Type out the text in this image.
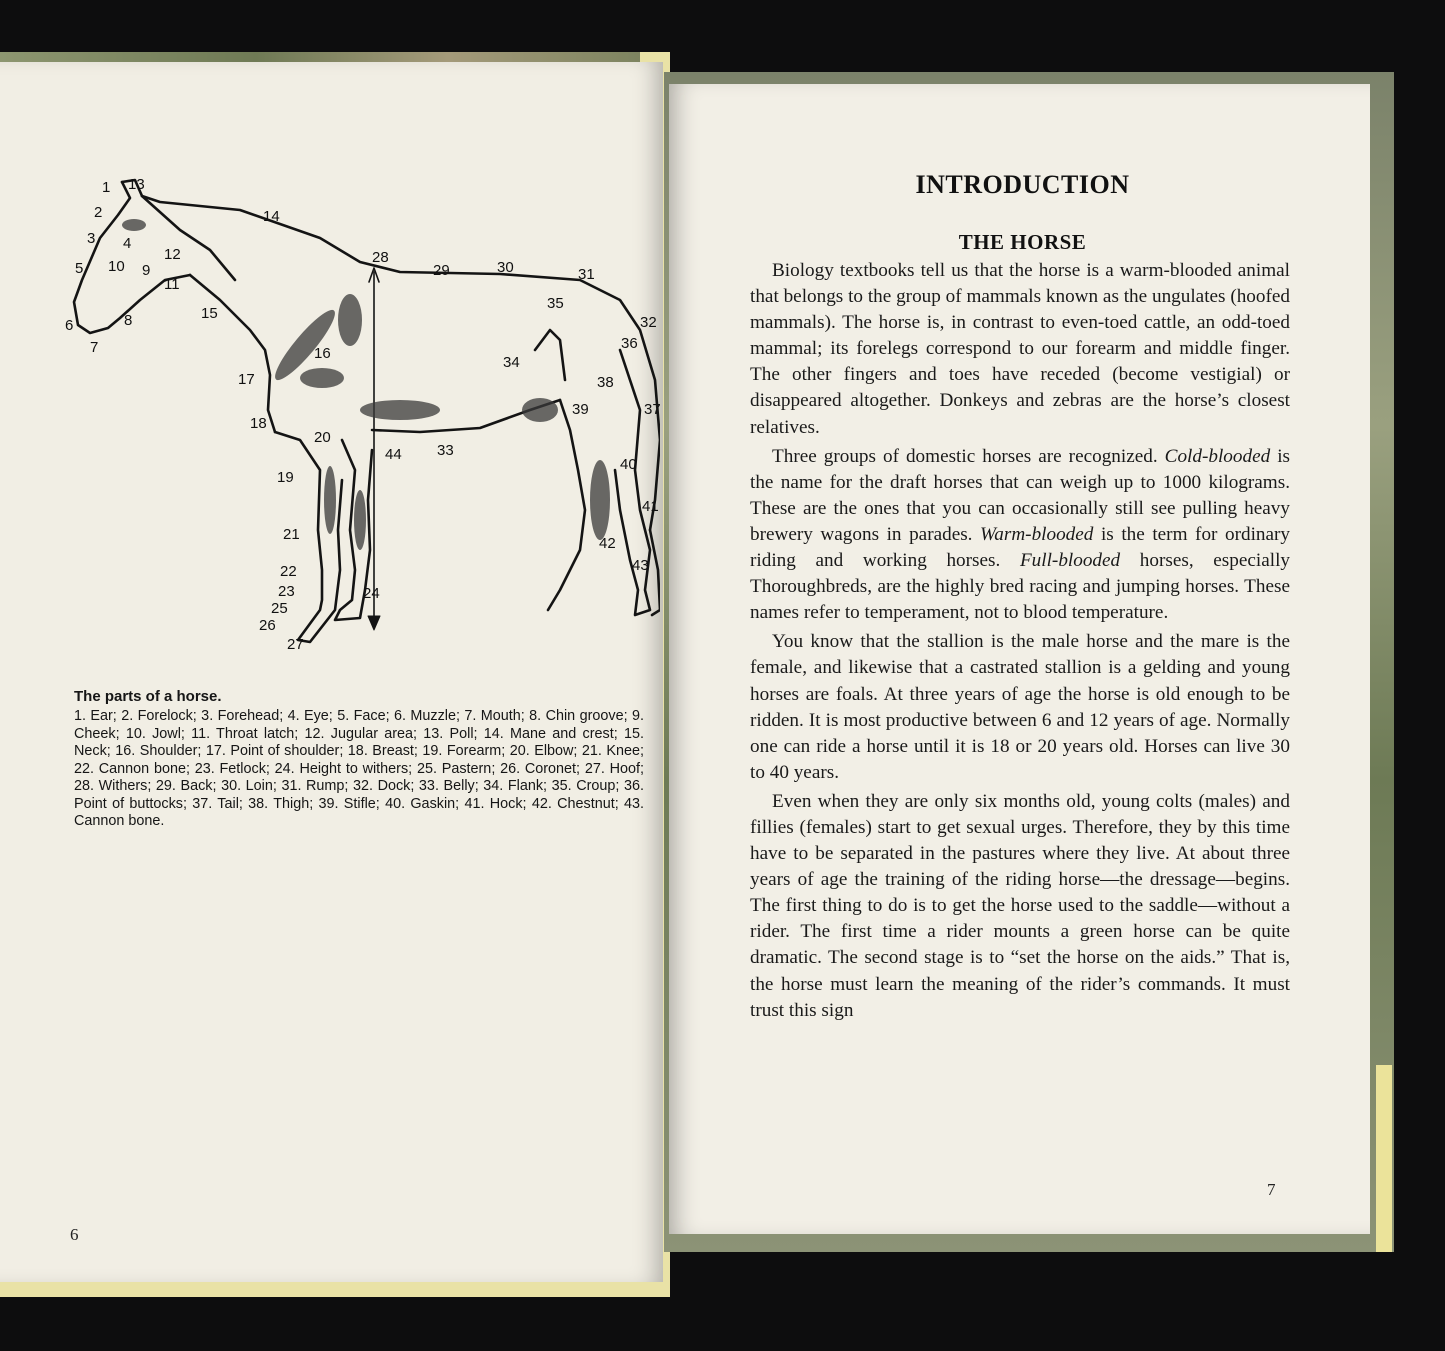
1 13
2
3 4
5 10 9
12
11
14
15
8
6
7	16
17
18
20
44 33
19
21
22
23	24
25
26
27
28
29	30	31
35
32
36
34
38
39	37
40
41
42
43
The parts of a horse.
1. Ear; 2. Forelock; 3. Forehead; 4. Eye; 5. Face; 6. Muzzle; 7. Mouth; 8. Chin groove; 9. Cheek; 10. Jowl; 11. Throat latch; 12. Jugular area; 13. Poll; 14. Mane and crest; 15. Neck; 16. Shoulder; 17. Point of shoulder; 18. Breast; 19. Forearm; 20. Elbow; 21. Knee; 22. Cannon bone; 23. Fetlock; 24. Height to withers; 25. Pastern; 26. Coronet; 27. Hoof; 28. Withers; 29. Back; 30. Loin; 31. Rump; 32. Dock; 33. Belly; 34. Flank; 35. Croup; 36. Point of buttocks; 37. Tail; 38. Thigh; 39. Stifle; 40. Gaskin; 41. Hock; 42. Chestnut; 43. Cannon bone.
6
INTRODUCTION
THE HORSE

Biology textbooks tell us that the horse is a warm-blooded animal that belongs to the group of mammals known as the ungulates (hoofed mammals). The horse is, in contrast to even-toed cattle, an odd-toed mammal; its forelegs correspond to our forearm and middle finger. The other fingers and toes have receded (become vestigial) or disappeared altogether. Donkeys and zebras are the horse’s closest relatives.

Three groups of domestic horses are recognized. Cold-blooded is the name for the draft horses that can weigh up to 1000 kilograms. These are the ones that you can occasionally still see pulling heavy brewery wagons in parades. Warm-blooded is the term for ordinary riding and working horses. Full-blooded horses, especially Thoroughbreds, are the highly bred racing and jumping horses. These names refer to temperament, not to blood temperature.

You know that the stallion is the male horse and the mare is the female, and likewise that a castrated stallion is a gelding and young horses are foals. At three years of age the horse is old enough to be ridden. It is most productive between 6 and 12 years of age. Normally one can ride a horse until it is 18 or 20 years old. Horses can live 30 to 40 years.

Even when they are only six months old, young colts (males) and fillies (females) start to get sexual urges. Therefore, they by this time have to be separated in the pastures where they live. At about three years of age the training of the riding horse—the dressage—begins. The first thing to do is to get the horse used to the saddle—without a rider. The first time a rider mounts a green horse can be quite dramatic. The second stage is to “set the horse on the aids.” That is, the horse must learn the meaning of the rider’s commands. It must trust this sign

7
